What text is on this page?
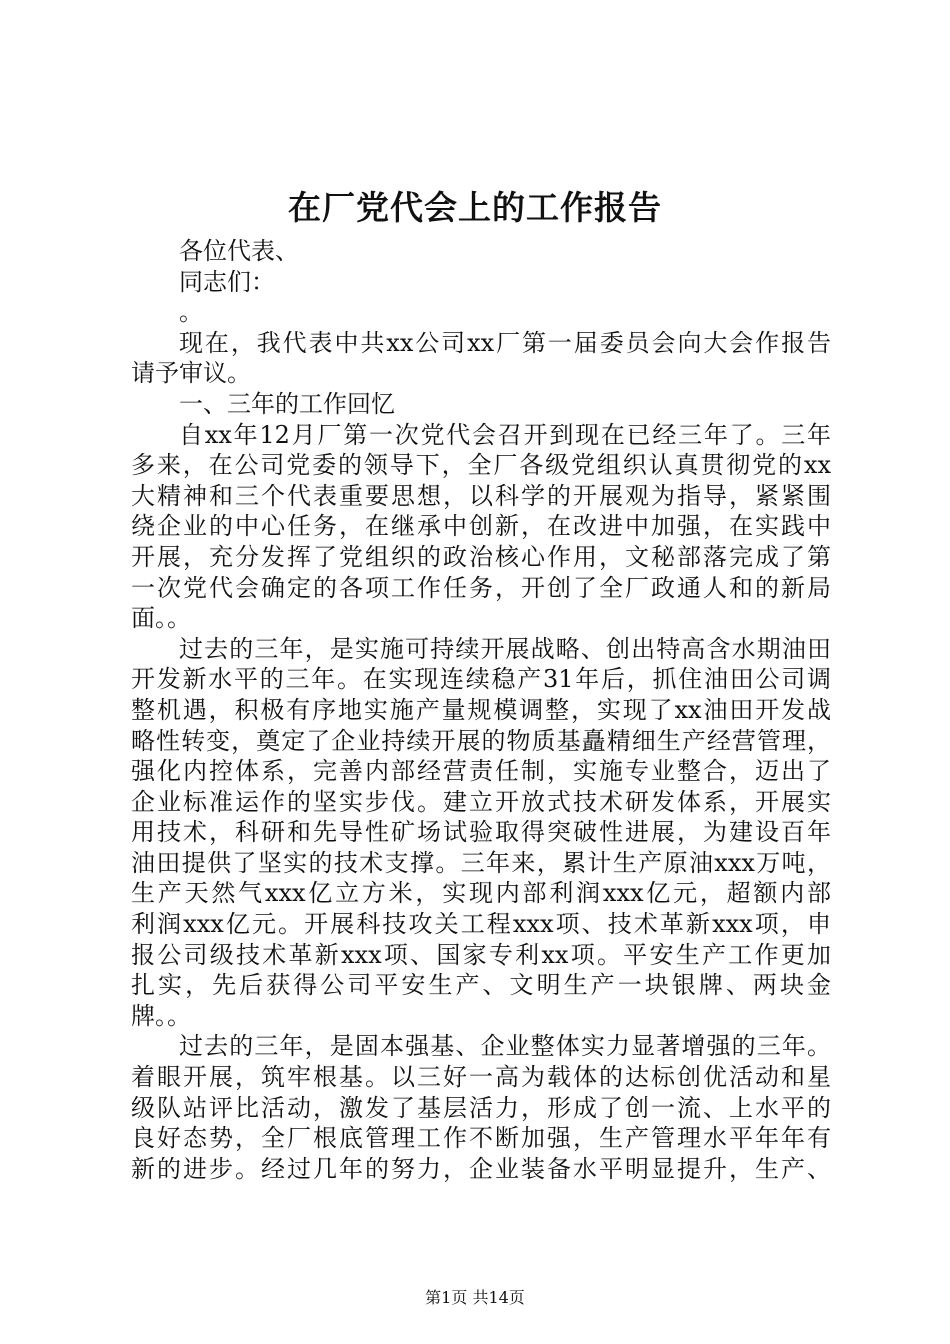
在厂党代会上的工作报告
各位代表、
同志们：
。
现在，我代表中共xx公司xx厂第一届委员会向大会作报告
请予审议。
一、三年的工作回忆
自xx年12月厂第一次党代会召开到现在已经三年了。三年
多来，在公司党委的领导下，全厂各级党组织认真贯彻党的xx
大精神和三个代表重要思想，以科学的开展观为指导，紧紧围
绕企业的中心任务，在继承中创新，在改进中加强，在实践中
开展，充分发挥了党组织的政治核心作用，文秘部落完成了第
一次党代会确定的各项工作任务，开创了全厂政通人和的新局
面。。
过去的三年，是实施可持续开展战略、创出特高含水期油田
开发新水平的三年。在实现连续稳产31年后，抓住油田公司调
整机遇，积极有序地实施产量规模调整，实现了xx油田开发战
略性转变，奠定了企业持续开展的物质基矗精细生产经营管理，
强化内控体系，完善内部经营责任制，实施专业整合，迈出了
企业标准运作的坚实步伐。建立开放式技术研发体系，开展实
用技术，科研和先导性矿场试验取得突破性进展，为建设百年
油田提供了坚实的技术支撑。三年来，累计生产原油xxx万吨，
生产天然气xxx亿立方米，实现内部利润xxx亿元，超额内部
利润xxx亿元。开展科技攻关工程xxx项、技术革新xxx项，申
报公司级技术革新xxx项、国家专利xx项。平安生产工作更加
扎实，先后获得公司平安生产、文明生产一块银牌、两块金
牌。。
过去的三年，是固本强基、企业整体实力显著增强的三年。
着眼开展，筑牢根基。以三好一高为载体的达标创优活动和星
级队站评比活动，激发了基层活力，形成了创一流、上水平的
良好态势，全厂根底管理工作不断加强，生产管理水平年年有
新的进步。经过几年的努力，企业装备水平明显提升，生产、
第1页 共14页
